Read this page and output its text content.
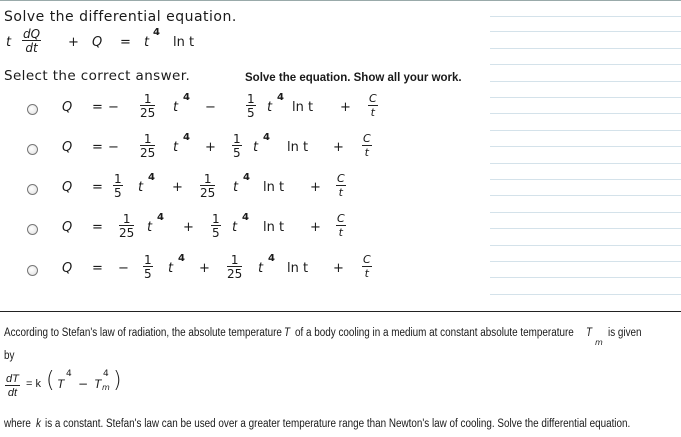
Solve the differential equation.
t $\frac{dQ}{dt} + Q = t$
4
ln t
Select the correct answer.	Solve the equation. Show all your work.
Q = − $\frac{1}{25}$ t
4
−	$\frac{1}{5}$ t
4
$\ln t + \frac{C}{t}$
Q = − $\frac{1}{25}$ t
4
+ $\frac{1}{5}$ t
4
$\ln t + \frac{C}{t}$
$Q = \frac{1}{5}$ t
4
+ $\frac{1}{25}$ t
4
$\ln t + \frac{C}{t}$
$Q = \frac{1}{25}$ t
4
+ $\frac{1}{5}$ t
4
$\ln t + \frac{C}{t}$
Q = − $\frac{1}{5}$ t
4
+ $\frac{1}{25}$ t
4
$\ln t + \frac{C}{t}$
According to Stefan's law of radiation, the absolute temperature T of a body cooling in a medium at constant absolute temperature T
m
is given
by
$\frac{dT}{dt} = k$ ( T
4
− T
4
m )
where k is a constant. Stefan's law can be used over a greater temperature range than Newton's law of cooling. Solve the differential equation.
